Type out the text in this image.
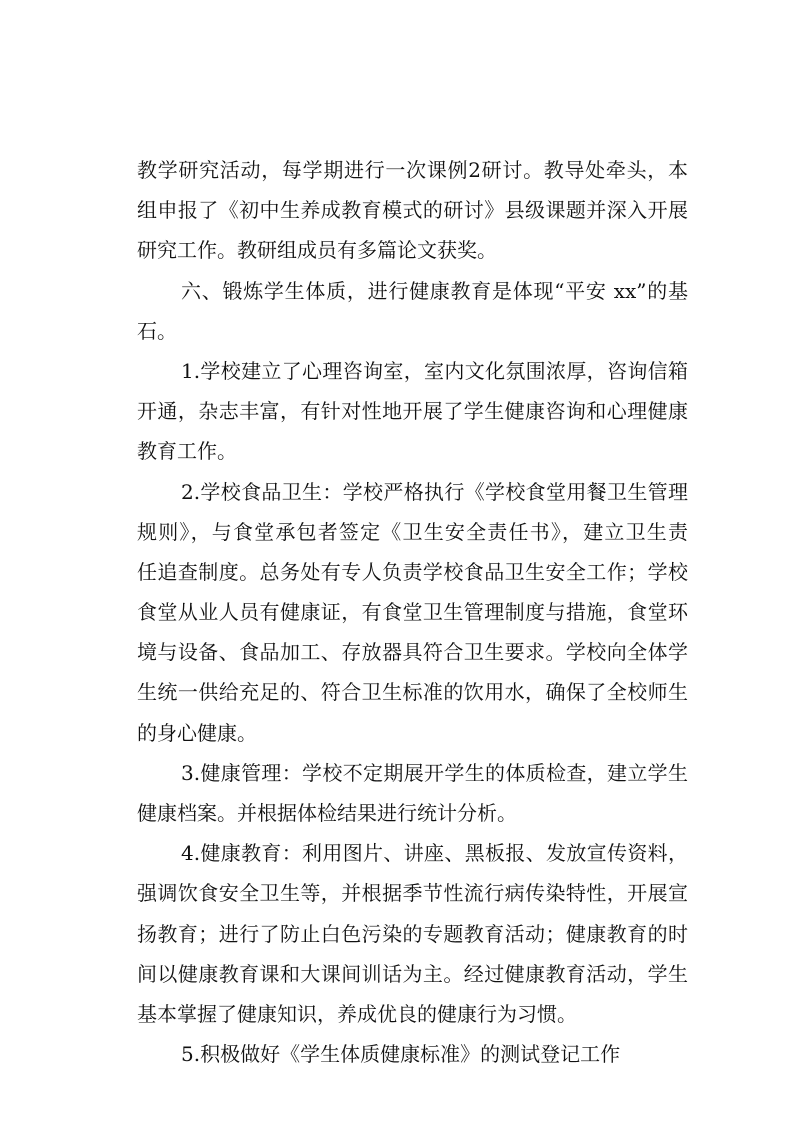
教学研究活动，每学期进行一次课例2研讨。教导处牵头，本
组申报了《初中生养成教育模式的研讨》县级课题并深入开展
研究工作。教研组成员有多篇论文获奖。
六、锻炼学生体质，进行健康教育是体现“平安 xx”的基
石。
1.学校建立了心理咨询室，室内文化氛围浓厚，咨询信箱
开通，杂志丰富，有针对性地开展了学生健康咨询和心理健康
教育工作。
2.学校食品卫生：学校严格执行《学校食堂用餐卫生管理
规则》，与食堂承包者签定《卫生安全责任书》，建立卫生责
任追查制度。总务处有专人负责学校食品卫生安全工作；学校
食堂从业人员有健康证，有食堂卫生管理制度与措施，食堂环
境与设备、食品加工、存放器具符合卫生要求。学校向全体学
生统一供给充足的、符合卫生标准的饮用水，确保了全校师生
的身心健康。
3.健康管理：学校不定期展开学生的体质检查，建立学生
健康档案。并根据体检结果进行统计分析。
4.健康教育：利用图片、讲座、黑板报、发放宣传资料，
强调饮食安全卫生等，并根据季节性流行病传染特性，开展宣
扬教育；进行了防止白色污染的专题教育活动；健康教育的时
间以健康教育课和大课间训话为主。经过健康教育活动，学生
基本掌握了健康知识，养成优良的健康行为习惯。
5.积极做好《学生体质健康标准》的测试登记工作
